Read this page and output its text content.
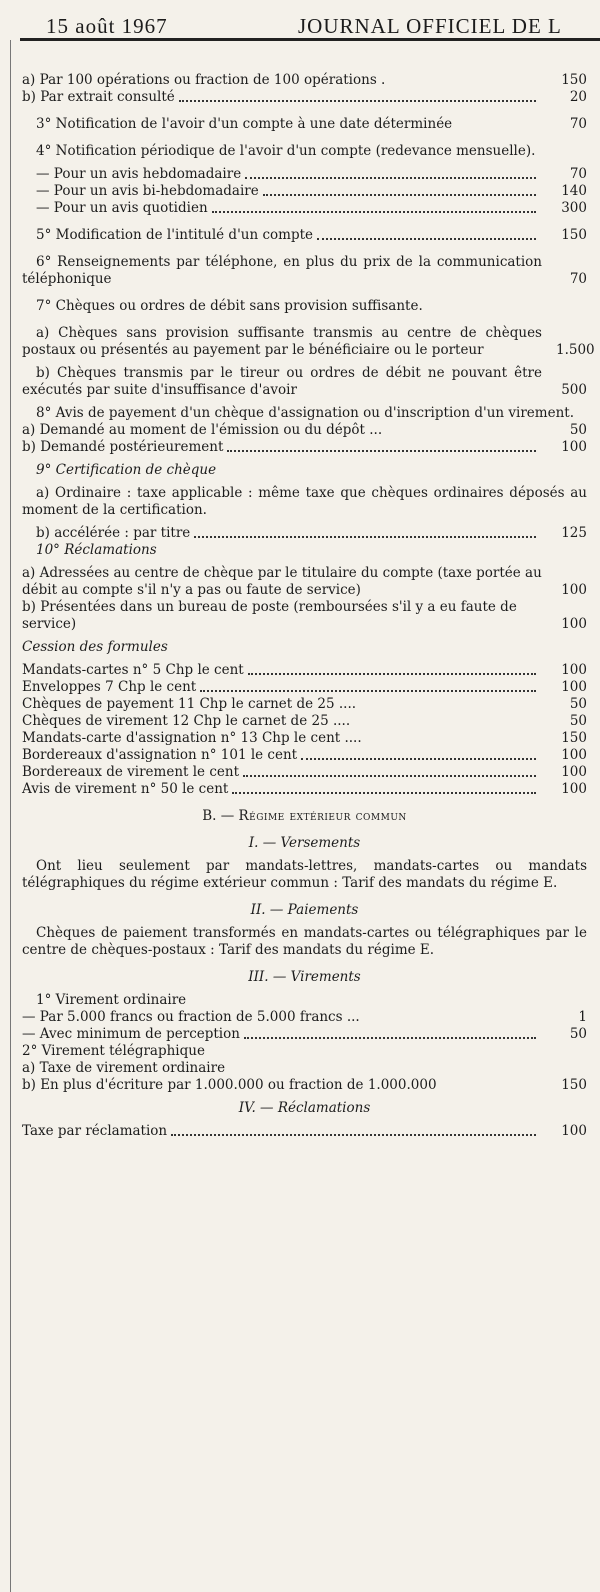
15 août 1967	JOURNAL OFFICIEL DE L
a) Par 100 opérations ou fraction de 100 opérations .	150
b) Par extrait consulté	20
3° Notification de l'avoir d'un compte à une date déterminée	70
4° Notification périodique de l'avoir d'un compte (redevance mensuelle).
— Pour un avis hebdomadaire	70
— Pour un avis bi-hebdomadaire	140
— Pour un avis quotidien	300
5° Modification de l'intitulé d'un compte	150
6° Renseignements par téléphone, en plus du prix de la communication téléphonique	70
7° Chèques ou ordres de débit sans provision suffisante.
a) Chèques sans provision suffisante transmis au centre de chèques postaux ou présentés au payement par le bénéficiaire ou le porteur	1.500
b) Chèques transmis par le tireur ou ordres de débit ne pouvant être exécutés par suite d'insuffisance d'avoir	500
8° Avis de payement d'un chèque d'assignation ou d'inscription d'un virement.
a) Demandé au moment de l'émission ou du dépôt ...	50
b) Demandé postérieurement	100
9° Certification de chèque
a) Ordinaire : taxe applicable : même taxe que chèques ordinaires déposés au moment de la certification.
b) accélérée : par titre	125
10° Réclamations
a) Adressées au centre de chèque par le titulaire du compte (taxe portée au débit au compte s'il n'y a pas ou faute de service)	100
b) Présentées dans un bureau de poste (remboursées s'il y a eu faute de service)	100
Cession des formules
Mandats-cartes n° 5 Chp le cent	100
Enveloppes 7 Chp le cent	100
Chèques de payement 11 Chp le carnet de 25 ....	50
Chèques de virement 12 Chp le carnet de 25 ....	50
Mandats-carte d'assignation n° 13 Chp le cent ....	150
Bordereaux d'assignation n° 101 le cent	100
Bordereaux de virement le cent	100
Avis de virement n° 50 le cent	100
B. — Régime extérieur commun
I. — Versements
Ont lieu seulement par mandats-lettres, mandats-cartes ou mandats télégraphiques du régime extérieur commun : Tarif des mandats du régime E.
II. — Paiements
Chèques de paiement transformés en mandats-cartes ou télégraphiques par le centre de chèques-postaux : Tarif des mandats du régime E.
III. — Virements
1° Virement ordinaire
— Par 5.000 francs ou fraction de 5.000 francs ...	1
— Avec minimum de perception	50
2° Virement télégraphique
a) Taxe de virement ordinaire
b) En plus d'écriture par 1.000.000 ou fraction de 1.000.000	150
IV. — Réclamations
Taxe par réclamation	100
